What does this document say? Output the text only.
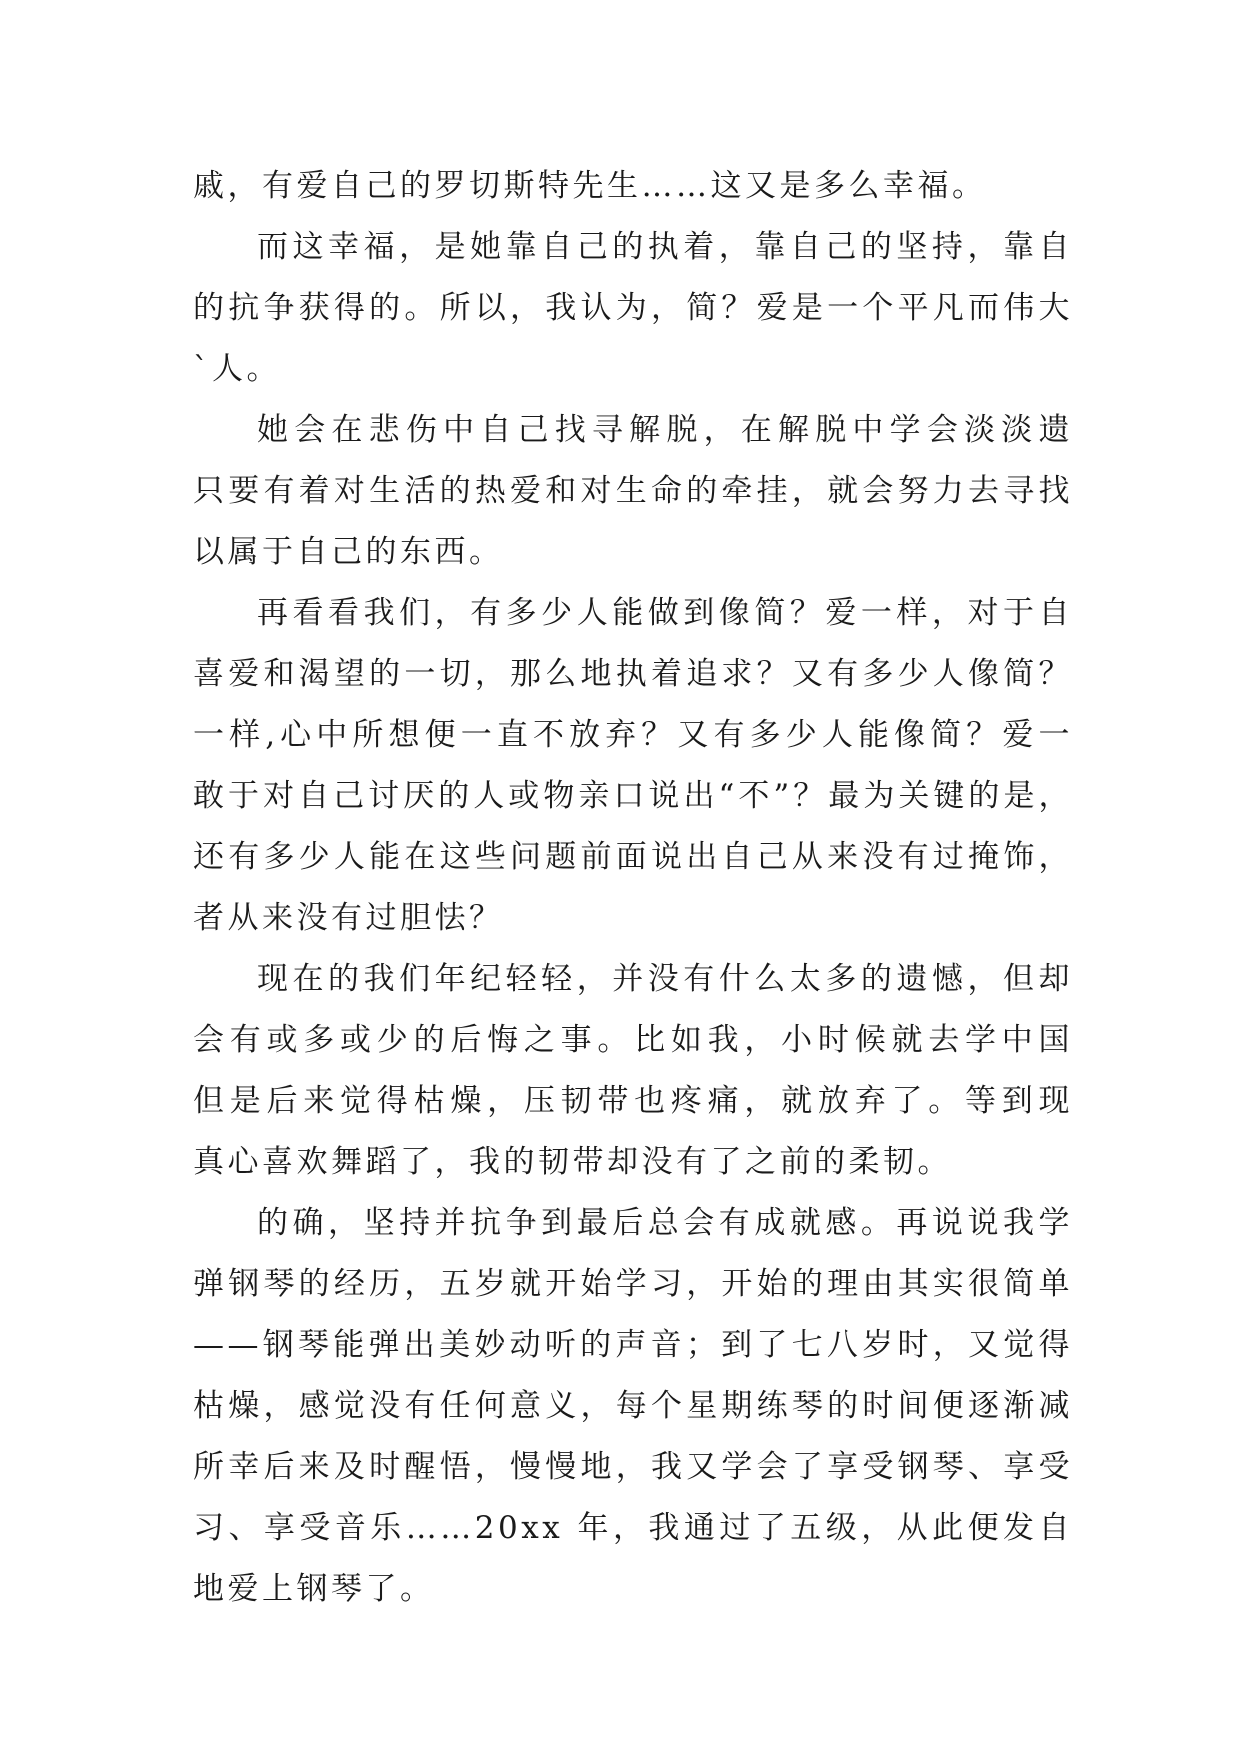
戚，有爱自己的罗切斯特先生……这又是多么幸福。
而这幸福，是她靠自己的执着，靠自己的坚持，靠自
的抗争获得的。所以，我认为，简？爱是一个平凡而伟大
`人。
她会在悲伤中自己找寻解脱，在解脱中学会淡淡遗
只要有着对生活的热爱和对生命的牵挂，就会努力去寻找
以属于自己的东西。
再看看我们，有多少人能做到像简？爱一样，对于自
喜爱和渴望的一切，那么地执着追求？又有多少人像简？
一样,心中所想便一直不放弃？又有多少人能像简？爱一
敢于对自己讨厌的人或物亲口说出“不”？最为关键的是，
还有多少人能在这些问题前面说出自己从来没有过掩饰，
者从来没有过胆怯？
现在的我们年纪轻轻，并没有什么太多的遗憾，但却
会有或多或少的后悔之事。比如我，小时候就去学中国
但是后来觉得枯燥，压韧带也疼痛，就放弃了。等到现
真心喜欢舞蹈了，我的韧带却没有了之前的柔韧。
的确，坚持并抗争到最后总会有成就感。再说说我学
弹钢琴的经历，五岁就开始学习，开始的理由其实很简单
——钢琴能弹出美妙动听的声音；到了七八岁时，又觉得
枯燥，感觉没有任何意义，每个星期练琴的时间便逐渐减
所幸后来及时醒悟，慢慢地，我又学会了享受钢琴、享受
习、享受音乐……20xx 年，我通过了五级，从此便发自
地爱上钢琴了。
